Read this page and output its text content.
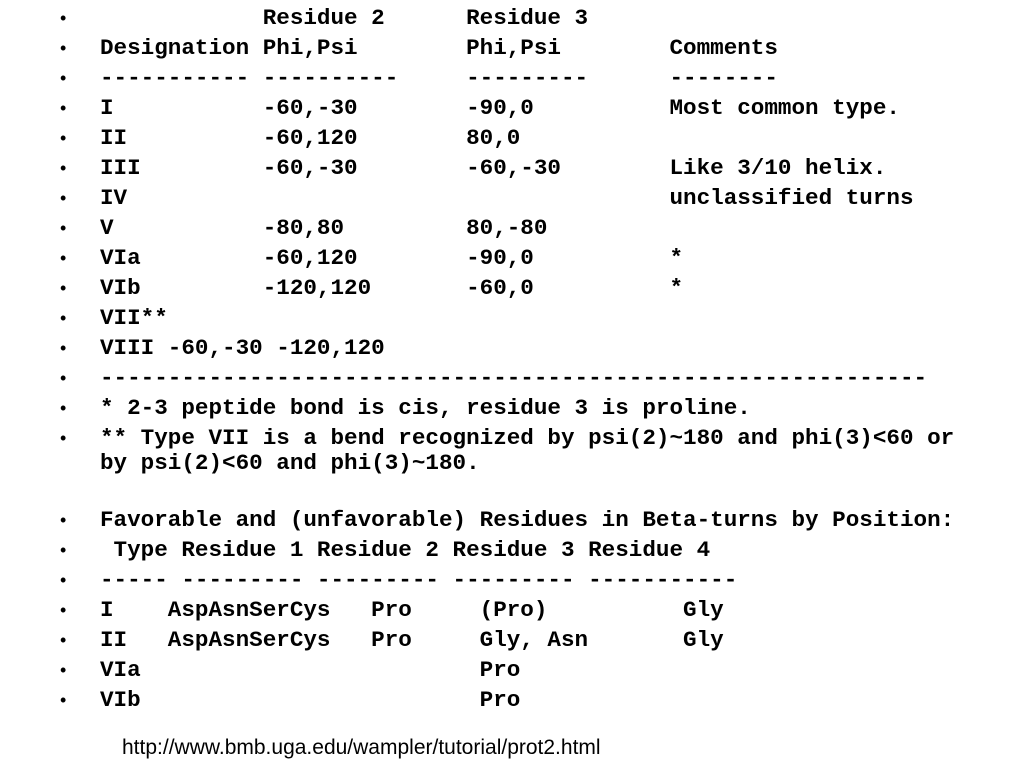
• Residue 2      Residue 3
• Designation Phi,Psi        Phi,Psi        Comments
• ----------- ----------     ---------      --------
• I           -60,-30        -90,0          Most common type.
• II          -60,120        80,0
• III         -60,-30        -60,-30        Like 3/10 helix.
• IV                                        unclassified turns
• V           -80,80         80,-80
• VIa         -60,120        -90,0          *
• VIb         -120,120       -60,0          *
• VII**
• VIII -60,-30 -120,120
• -------------------------------------------------------------
• * 2-3 peptide bond is cis, residue 3 is proline.
• ** Type VII is a bend recognized by psi(2)~180 and phi(3)<60 or by psi(2)<60 and phi(3)~180.
• Favorable and (unfavorable) Residues in Beta-turns by Position:
• Type Residue 1 Residue 2 Residue 3 Residue 4
• ----- --------- --------- --------- -----------
• I    AspAsnSerCys   Pro     (Pro)          Gly
• II   AspAsnSerCys   Pro     Gly, Asn       Gly
• VIa                         Pro
• VIb                         Pro
http://www.bmb.uga.edu/wampler/tutorial/prot2.html
